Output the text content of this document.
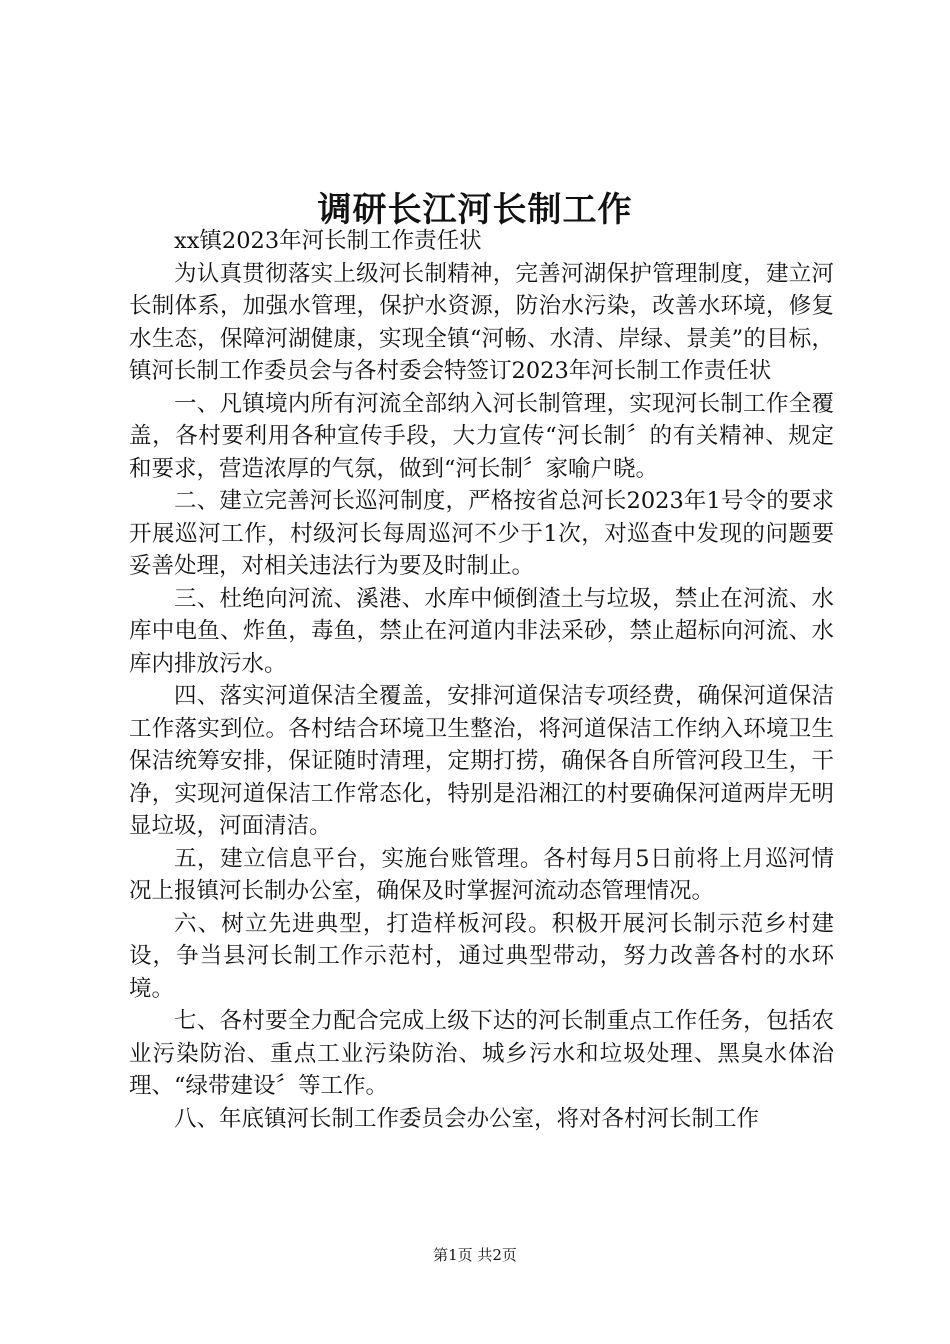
调研长江河长制工作

xx镇2023年河长制工作责任状

为认真贯彻落实上级河长制精神，完善河湖保护管理制度，建立河长制体系，加强水管理，保护水资源，防治水污染，改善水环境，修复水生态，保障河湖健康，实现全镇“河畅、水清、岸绿、景美”的目标，镇河长制工作委员会与各村委会特签订2023年河长制工作责任状

一、凡镇境内所有河流全部纳入河长制管理，实现河长制工作全覆盖，各村要利用各种宣传手段，大力宣传“河长制〞的有关精神、规定和要求，营造浓厚的气氛，做到“河长制〞家喻户晓。

二、建立完善河长巡河制度，严格按省总河长2023年1号令的要求开展巡河工作，村级河长每周巡河不少于1次，对巡查中发现的问题要妥善处理，对相关违法行为要及时制止。

三、杜绝向河流、溪港、水库中倾倒渣土与垃圾，禁止在河流、水库中电鱼、炸鱼，毒鱼，禁止在河道内非法采砂，禁止超标向河流、水库内排放污水。

四、落实河道保洁全覆盖，安排河道保洁专项经费，确保河道保洁工作落实到位。各村结合环境卫生整治，将河道保洁工作纳入环境卫生保洁统筹安排，保证随时清理，定期打捞，确保各自所管河段卫生，干净，实现河道保洁工作常态化，特别是沿湘江的村要确保河道两岸无明显垃圾，河面清洁。

五，建立信息平台，实施台账管理。各村每月5日前将上月巡河情况上报镇河长制办公室，确保及时掌握河流动态管理情况。

六、树立先进典型，打造样板河段。积极开展河长制示范乡村建设，争当县河长制工作示范村，通过典型带动，努力改善各村的水环境。

七、各村要全力配合完成上级下达的河长制重点工作任务，包括农业污染防治、重点工业污染防治、城乡污水和垃圾处理、黑臭水体治理、“绿带建设〞等工作。

八、年底镇河长制工作委员会办公室，将对各村河长制工作

第1页 共2页
